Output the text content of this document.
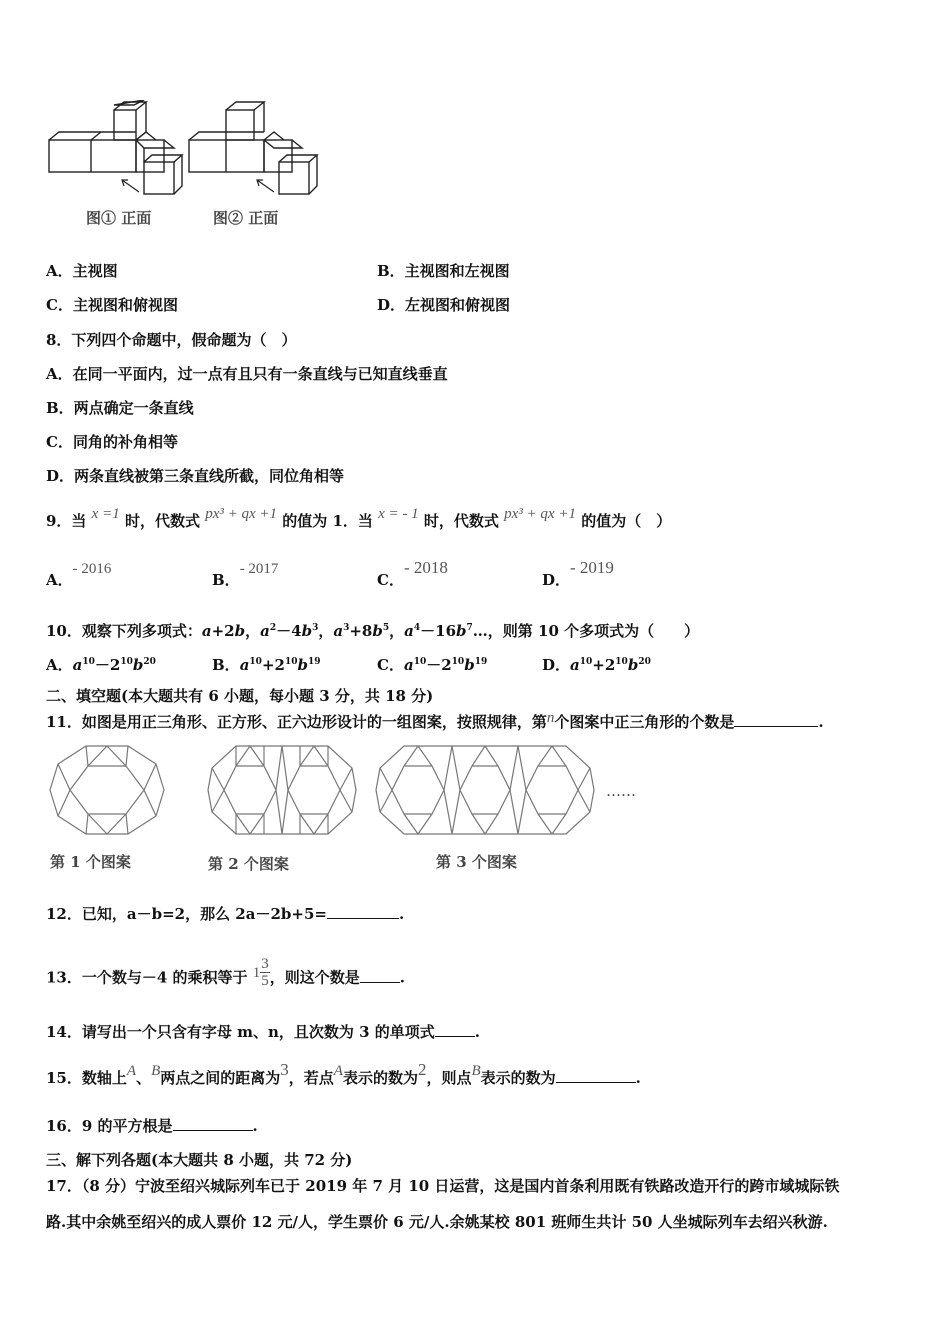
图① 正面	图② 正面
A．主视图	B．主视图和左视图
C．主视图和俯视图	D．左视图和俯视图
8．下列四个命题中，假命题为（　）
A．在同一平面内，过一点有且只有一条直线与已知直线垂直
B．两点确定一条直线
C．同角的补角相等
D．两条直线被第三条直线所截，同位角相等
9．当 x =1 时，代数式 px³ + qx +1 的值为 1．当 x = - 1 时，代数式 px³ + qx +1 的值为（　）
A．- 2016
B．- 2017
C．- 2018
D．- 2019
10．观察下列多项式：a+2b，$a^2-4b^3$，$a^3+8b^5$，$a^4-16b^7\dots$，则第 10 个多项式为（　　）
A．$a^{10}-2^{10}b^{20}$	B．$a^{10}+2^{10}b^{19}$	C．$a^{10}-2^{10}b^{19}$	D．$a^{10}+2^{10}b^{20}$
二、填空题(本大题共有 6 小题，每小题 3 分，共 18 分)
11．如图是用正三角形、正方形、正六边形设计的一组图案，按照规律，第n个图案中正三角形的个数是	.
第 1 个图案	第 2 个图案	第 3 个图案
……
12．已知，a－b=2，那么 2a－2b+5=	.
13．一个数与－4 的乘积等于 $1 \frac{3}{5}$ ，则这个数是	.
14．请写出一个只含有字母 m、n，且次数为 3 的单项式	.
15．数轴上A、B两点之间的距离为3，若点A表示的数为2，则点B表示的数为	.
16．9 的平方根是	.
三、解下列各题(本大题共 8 小题，共 72 分)
17．（8 分）宁波至绍兴城际列车已于 2019 年 7 月 10 日运营，这是国内首条利用既有铁路改造开行的跨市域城际铁
路.其中余姚至绍兴的成人票价 12 元/人，学生票价 6 元/人.余姚某校 801 班师生共计 50 人坐城际列车去绍兴秋游.
